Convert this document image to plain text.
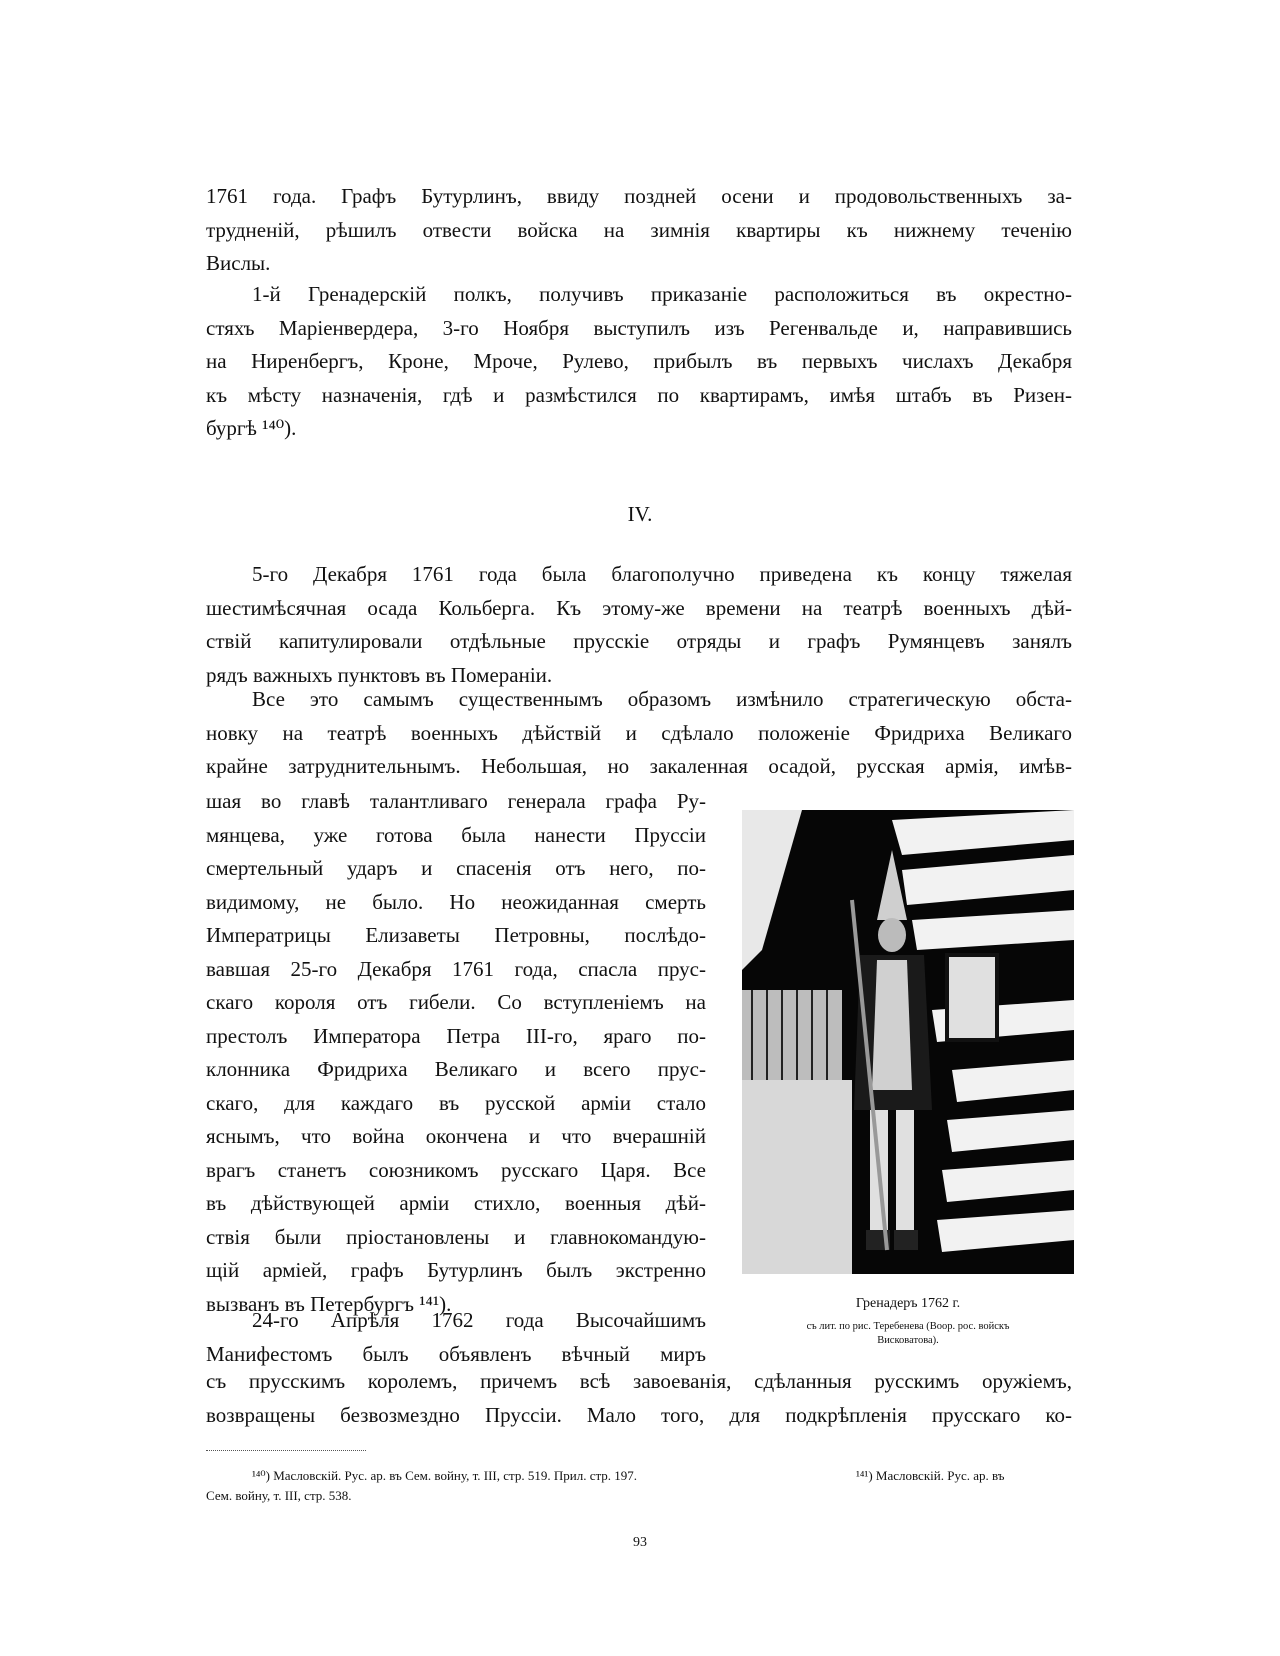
1761 года. Графъ Бутурлинъ, ввиду поздней осени и продовольственныхъ за-
трудненій, рѣшилъ отвести войска на зимнія квартиры къ нижнему теченію
Вислы.
1-й Гренадерскій полкъ, получивъ приказаніе расположиться въ окрестно-
стяхъ Маріенвердера, 3-го Ноября выступилъ изъ Регенвальде и, направившись
на Ниренбергъ, Кроне, Мроче, Рулево, прибылъ въ первыхъ числахъ Декабря
къ мѣсту назначенія, гдѣ и размѣстился по квартирамъ, имѣя штабъ въ Ризен-
бургѣ ¹⁴⁰).
IV.
5-го Декабря 1761 года была благополучно приведена къ концу тяжелая
шестимѣсячная осада Кольберга. Къ этому-же времени на театрѣ военныхъ дѣй-
ствій капитулировали отдѣльные прусскіе отряды и графъ Румянцевъ занялъ
рядъ важныхъ пунктовъ въ Помераніи.
Все это самымъ существеннымъ образомъ измѣнило стратегическую обста-
новку на театрѣ военныхъ дѣйствій и сдѣлало положеніе Фридриха Великаго
крайне затруднительнымъ. Небольшая, но закаленная осадой, русская армія, имѣв-
шая во главѣ талантливаго генерала графа Ру-
мянцева, уже готова была нанести Пруссіи
смертельный ударъ и спасенія отъ него, по-
видимому, не было. Но неожиданная смерть
Императрицы Елизаветы Петровны, послѣдо-
вавшая 25-го Декабря 1761 года, спасла прус-
скаго короля отъ гибели. Со вступленіемъ на
престолъ Императора Петра III-го, яраго по-
клонника Фридриха Великаго и всего прус-
скаго, для каждаго въ русской арміи стало
яснымъ, что война окончена и что вчерашній
врагъ станетъ союзникомъ русскаго Царя. Все
въ дѣйствующей арміи стихло, военныя дѣй-
ствія были пріостановлены и главнокомандую-
щій арміей, графъ Бутурлинъ былъ экстренно
вызванъ въ Петербургъ ¹⁴¹).
24-го Апрѣля 1762 года Высочайшимъ
Манифестомъ былъ объявленъ вѣчный миръ
съ прусскимъ королемъ, причемъ всѣ завоеванія, сдѣланныя русскимъ оружіемъ,
возвращены безвозмездно Пруссіи. Мало того, для подкрѣпленія прусскаго ко-
Гренадеръ 1762 г.
съ лит. по рис. Теребенева (Воор. рос. войскъ
Висковатова).
¹⁴⁰) Масловскій. Рус. ар. въ Сем. войну, т. III, стр. 519. Прил. стр. 197.
Сем. войну, т. III, стр. 538.
¹⁴¹) Масловскій. Рус. ар. въ
93
